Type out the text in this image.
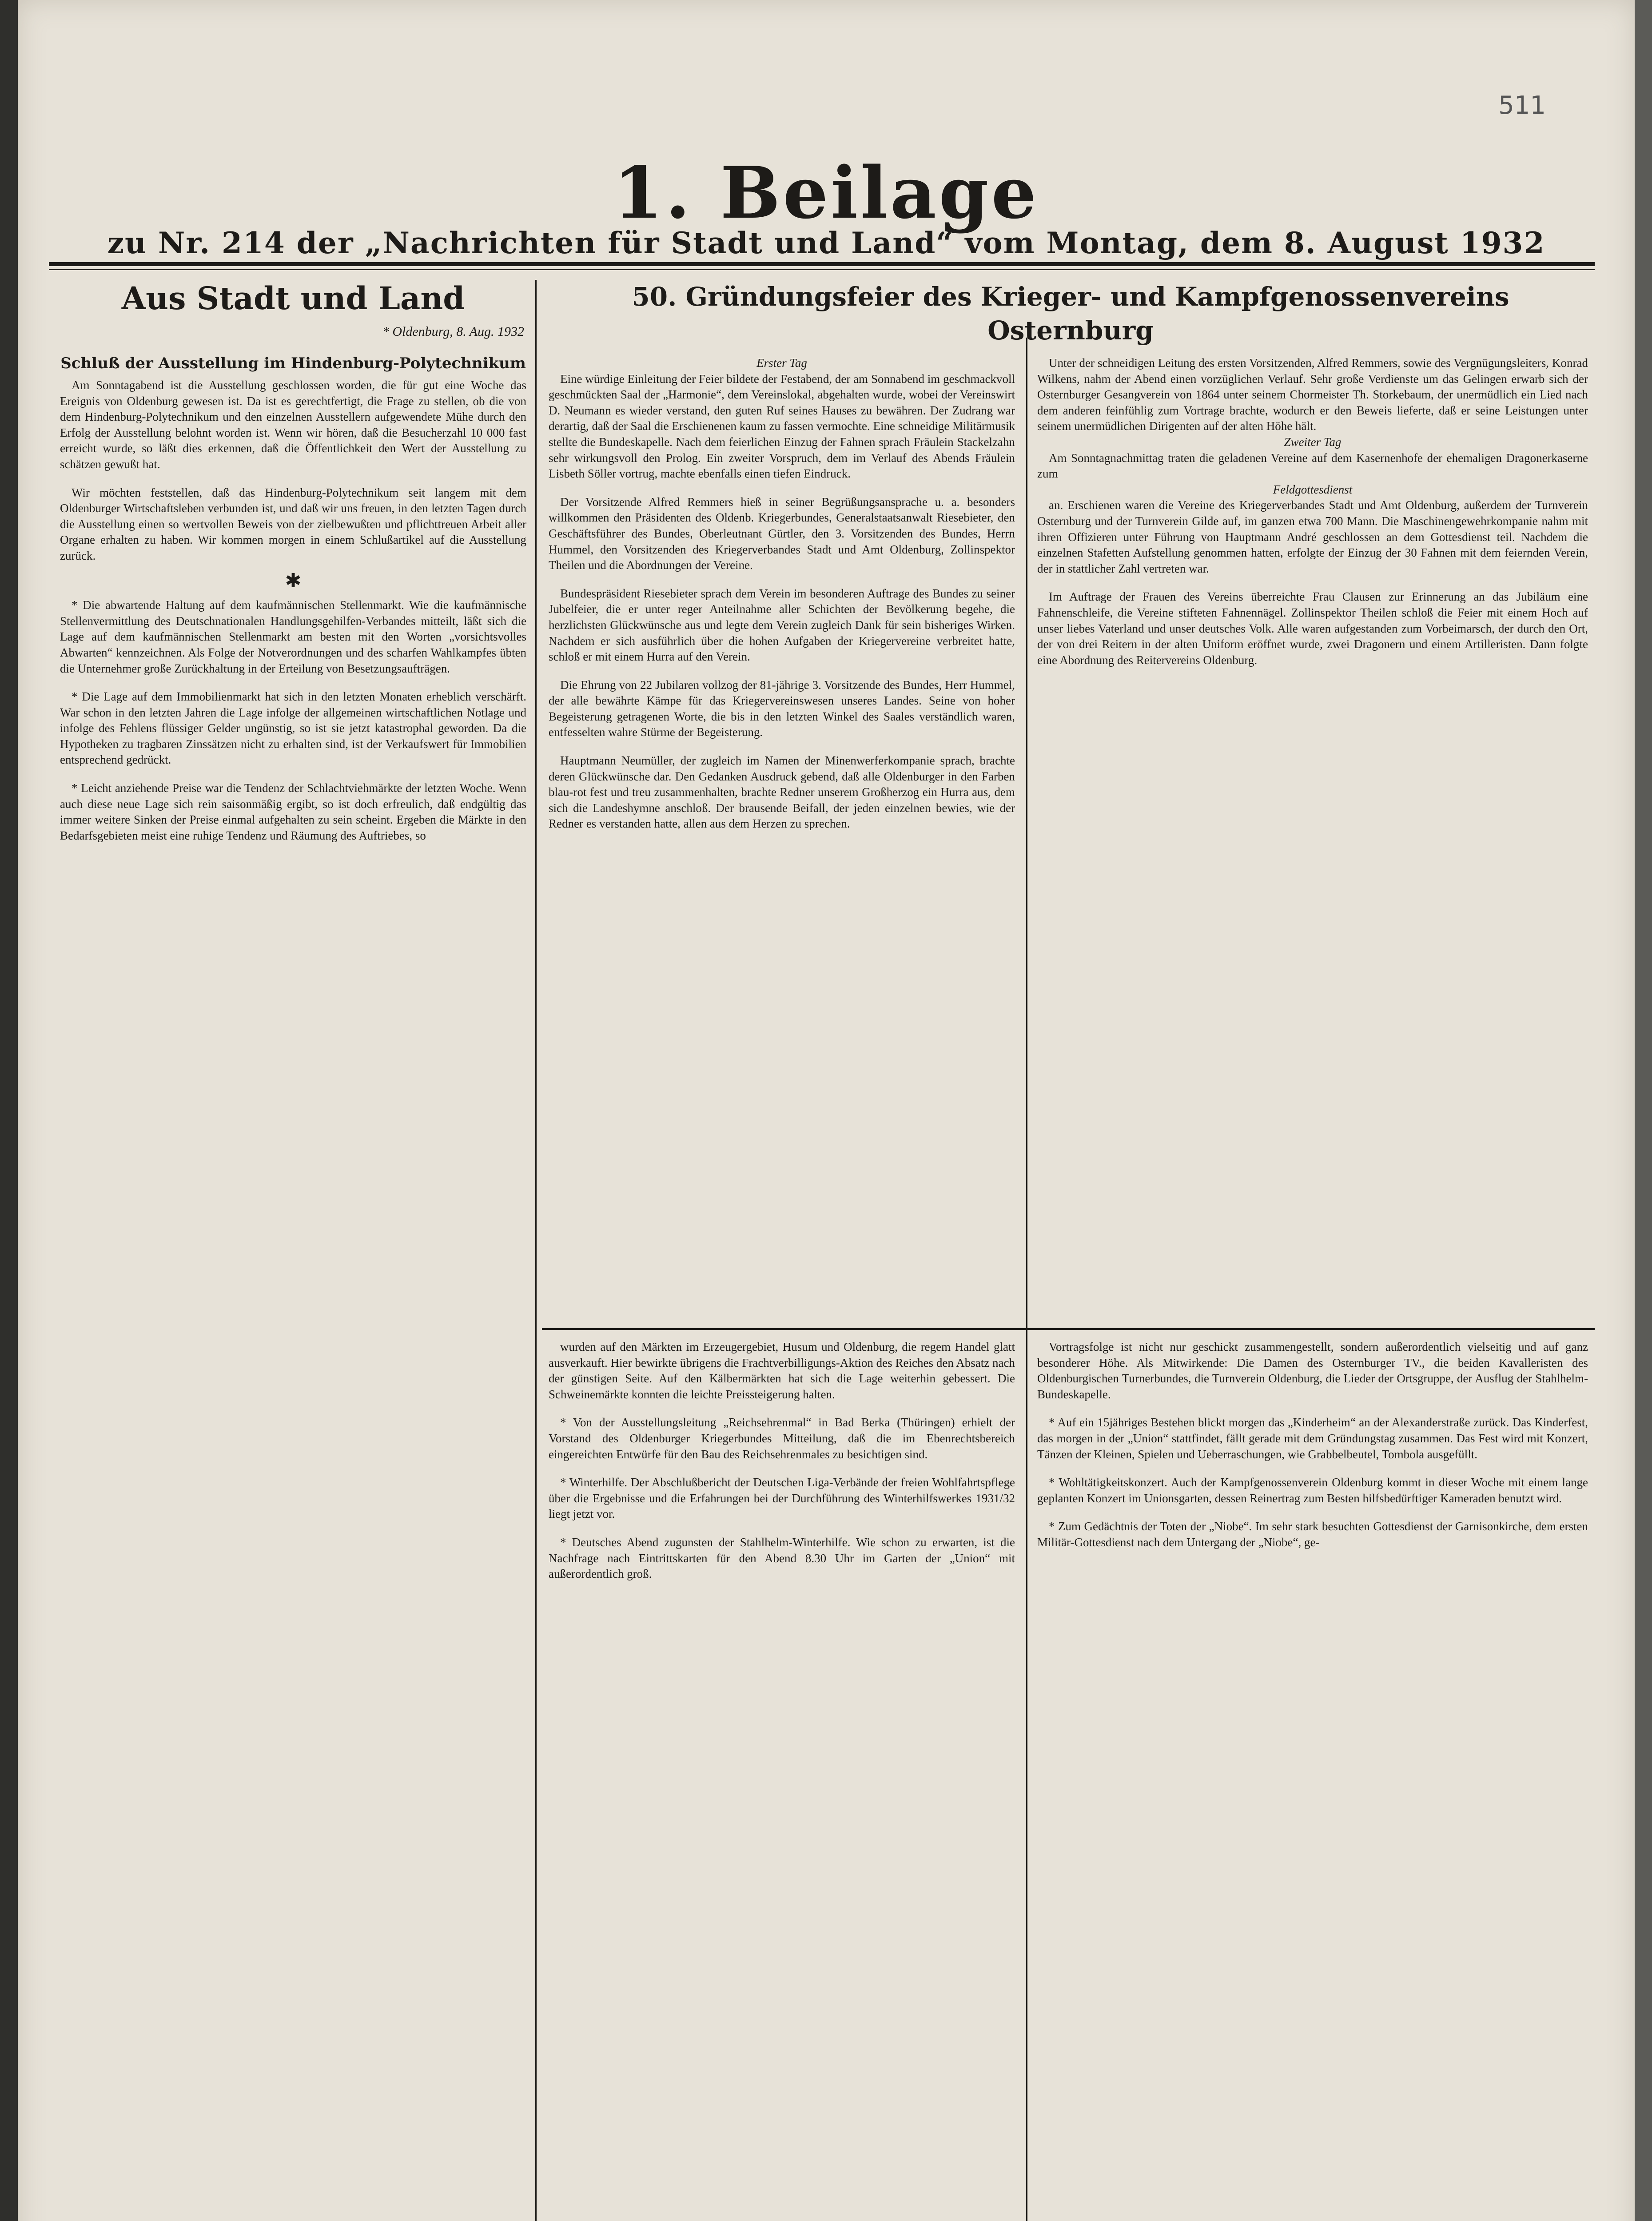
511
1. Beilage
zu Nr. 214 der „Nachrichten für Stadt und Land“ vom Montag, dem 8. August 1932
Aus Stadt und Land
* Oldenburg, 8. Aug. 1932
Schluß der Ausstellung im Hindenburg-Polytechnikum

Am Sonntagabend ist die Ausstellung geschlossen worden, die für gut eine Woche das Ereignis von Oldenburg gewesen ist. Da ist es gerechtfertigt, die Frage zu stellen, ob die von dem Hindenburg-Polytechnikum und den einzelnen Ausstellern aufgewendete Mühe durch den Erfolg der Ausstellung belohnt worden ist. Wenn wir hören, daß die Besucherzahl 10 000 fast erreicht wurde, so läßt dies erkennen, daß die Öffentlichkeit den Wert der Ausstellung zu schätzen gewußt hat.

Wir möchten feststellen, daß das Hindenburg-Polytechnikum seit langem mit dem Oldenburger Wirtschaftsleben verbunden ist, und daß wir uns freuen, in den letzten Tagen durch die Ausstellung einen so wertvollen Beweis von der zielbewußten und pflichttreuen Arbeit aller Organe erhalten zu haben. Wir kommen morgen in einem Schlußartikel auf die Ausstellung zurück.

✱

* Die abwartende Haltung auf dem kaufmännischen Stellenmarkt. Wie die kaufmännische Stellenvermittlung des Deutschnationalen Handlungsgehilfen-Verbandes mitteilt, läßt sich die Lage auf dem kaufmännischen Stellenmarkt am besten mit den Worten „vorsichtsvolles Abwarten“ kennzeichnen. Als Folge der Notverordnungen und des scharfen Wahlkampfes übten die Unternehmer große Zurückhaltung in der Erteilung von Besetzungsaufträgen.

* Die Lage auf dem Immobilienmarkt hat sich in den letzten Monaten erheblich verschärft. War schon in den letzten Jahren die Lage infolge der allgemeinen wirtschaftlichen Notlage und infolge des Fehlens flüssiger Gelder ungünstig, so ist sie jetzt katastrophal geworden. Da die Hypotheken zu tragbaren Zinssätzen nicht zu erhalten sind, ist der Verkaufswert für Immobilien entsprechend gedrückt.

* Leicht anziehende Preise war die Tendenz der Schlachtviehmärkte der letzten Woche. Wenn auch diese neue Lage sich rein saisonmäßig ergibt, so ist doch erfreulich, daß endgültig das immer weitere Sinken der Preise einmal aufgehalten zu sein scheint. Ergeben die Märkte in den Bedarfsgebieten meist eine ruhige Tendenz und Räumung des Auftriebes, so

50. Gründungsfeier des Krieger- und Kampfgenossenvereins Osternburg

Erster Tag

Eine würdige Einleitung der Feier bildete der Festabend, der am Sonnabend im geschmackvoll geschmückten Saal der „Harmonie“, dem Vereinslokal, abgehalten wurde, wobei der Vereinswirt D. Neumann es wieder verstand, den guten Ruf seines Hauses zu bewähren. Der Zudrang war derartig, daß der Saal die Erschienenen kaum zu fassen vermochte. Eine schneidige Militärmusik stellte die Bundeskapelle. Nach dem feierlichen Einzug der Fahnen sprach Fräulein Stackelzahn sehr wirkungsvoll den Prolog. Ein zweiter Vorspruch, dem im Verlauf des Abends Fräulein Lisbeth Söller vortrug, machte ebenfalls einen tiefen Eindruck.

Der Vorsitzende Alfred Remmers hieß in seiner Begrüßungsansprache u. a. besonders willkommen den Präsidenten des Oldenb. Kriegerbundes, Generalstaatsanwalt Riesebieter, den Geschäftsführer des Bundes, Oberleutnant Gürtler, den 3. Vorsitzenden des Bundes, Herrn Hummel, den Vorsitzenden des Kriegerverbandes Stadt und Amt Oldenburg, Zollinspektor Theilen und die Abordnungen der Vereine.

Bundespräsident Riesebieter sprach dem Verein im besonderen Auftrage des Bundes zu seiner Jubelfeier, die er unter reger Anteilnahme aller Schichten der Bevölkerung begehe, die herzlichsten Glückwünsche aus und legte dem Verein zugleich Dank für sein bisheriges Wirken. Nachdem er sich ausführlich über die hohen Aufgaben der Kriegervereine verbreitet hatte, schloß er mit einem Hurra auf den Verein.

Die Ehrung von 22 Jubilaren vollzog der 81-jährige 3. Vorsitzende des Bundes, Herr Hummel, der alle bewährte Kämpe für das Kriegervereinswesen unseres Landes. Seine von hoher Begeisterung getragenen Worte, die bis in den letzten Winkel des Saales verständlich waren, entfesselten wahre Stürme der Begeisterung.

Hauptmann Neumüller, der zugleich im Namen der Minenwerferkompanie sprach, brachte deren Glückwünsche dar. Den Gedanken Ausdruck gebend, daß alle Oldenburger in den Farben blau-rot fest und treu zusammenhalten, brachte Redner unserem Großherzog ein Hurra aus, dem sich die Landeshymne anschloß. Der brausende Beifall, der jeden einzelnen bewies, wie der Redner es verstanden hatte, allen aus dem Herzen zu sprechen.

Unter der schneidigen Leitung des ersten Vorsitzenden, Alfred Remmers, sowie des Vergnügungsleiters, Konrad Wilkens, nahm der Abend einen vorzüglichen Verlauf. Sehr große Verdienste um das Gelingen erwarb sich der Osternburger Gesangverein von 1864 unter seinem Chormeister Th. Storkebaum, der unermüdlich ein Lied nach dem anderen feinfühlig zum Vortrage brachte, wodurch er den Beweis lieferte, daß er seine Leistungen unter seinem unermüdlichen Dirigenten auf der alten Höhe hält.

Zweiter Tag

Am Sonntagnachmittag traten die geladenen Vereine auf dem Kasernenhofe der ehemaligen Dragonerkaserne zum

Feldgottesdienst

an. Erschienen waren die Vereine des Kriegerverbandes Stadt und Amt Oldenburg, außerdem der Turnverein Osternburg und der Turnverein Gilde auf, im ganzen etwa 700 Mann. Die Maschinengewehrkompanie nahm mit ihren Offizieren unter Führung von Hauptmann André geschlossen an dem Gottesdienst teil. Nachdem die einzelnen Stafetten Aufstellung genommen hatten, erfolgte der Einzug der 30 Fahnen mit dem feiernden Verein, der in stattlicher Zahl vertreten war.

Im Auftrage der Frauen des Vereins überreichte Frau Clausen zur Erinnerung an das Jubiläum eine Fahnenschleife, die Vereine stifteten Fahnennägel. Zollinspektor Theilen schloß die Feier mit einem Hoch auf unser liebes Vaterland und unser deutsches Volk. Alle waren aufgestanden zum Vorbeimarsch, der durch den Ort, der von drei Reitern in der alten Uniform eröffnet wurde, zwei Dragonern und einem Artilleristen. Dann folgte eine Abordnung des Reitervereins Oldenburg.

wurden auf den Märkten im Erzeugergebiet, Husum und Oldenburg, die regem Handel glatt ausverkauft. Hier bewirkte übrigens die Frachtverbilligungs-Aktion des Reiches den Absatz nach der günstigen Seite. Auf den Kälbermärkten hat sich die Lage weiterhin gebessert. Die Schweinemärkte konnten die leichte Preissteigerung halten.

* Von der Ausstellungsleitung „Reichsehrenmal“ in Bad Berka (Thüringen) erhielt der Vorstand des Oldenburger Kriegerbundes Mitteilung, daß die im Ebenrechtsbereich eingereichten Entwürfe für den Bau des Reichsehrenmales zu besichtigen sind.

* Winterhilfe. Der Abschlußbericht der Deutschen Liga-Verbände der freien Wohlfahrtspflege über die Ergebnisse und die Erfahrungen bei der Durchführung des Winterhilfswerkes 1931/32 liegt jetzt vor.

* Deutsches Abend zugunsten der Stahlhelm-Winterhilfe. Wie schon zu erwarten, ist die Nachfrage nach Eintrittskarten für den Abend 8.30 Uhr im Garten der „Union“ mit außerordentlich groß.

Vortragsfolge ist nicht nur geschickt zusammengestellt, sondern außerordentlich vielseitig und auf ganz besonderer Höhe. Als Mitwirkende: Die Damen des Osternburger TV., die beiden Kavalleristen des Oldenburgischen Turnerbundes, die Turnverein Oldenburg, die Lieder der Ortsgruppe, der Ausflug der Stahlhelm-Bundeskapelle.

* Auf ein 15jähriges Bestehen blickt morgen das „Kinderheim“ an der Alexanderstraße zurück. Das Kinderfest, das morgen in der „Union“ stattfindet, fällt gerade mit dem Gründungstag zusammen. Das Fest wird mit Konzert, Tänzen der Kleinen, Spielen und Ueberraschungen, wie Grabbelbeutel, Tombola ausgefüllt.

* Wohltätigkeitskonzert. Auch der Kampfgenossenverein Oldenburg kommt in dieser Woche mit einem lange geplanten Konzert im Unionsgarten, dessen Reinertrag zum Besten hilfsbedürftiger Kameraden benutzt wird.

* Zum Gedächtnis der Toten der „Niobe“. Im sehr stark besuchten Gottesdienst der Garnisonkirche, dem ersten Militär-Gottesdienst nach dem Untergang der „Niobe“, ge-
